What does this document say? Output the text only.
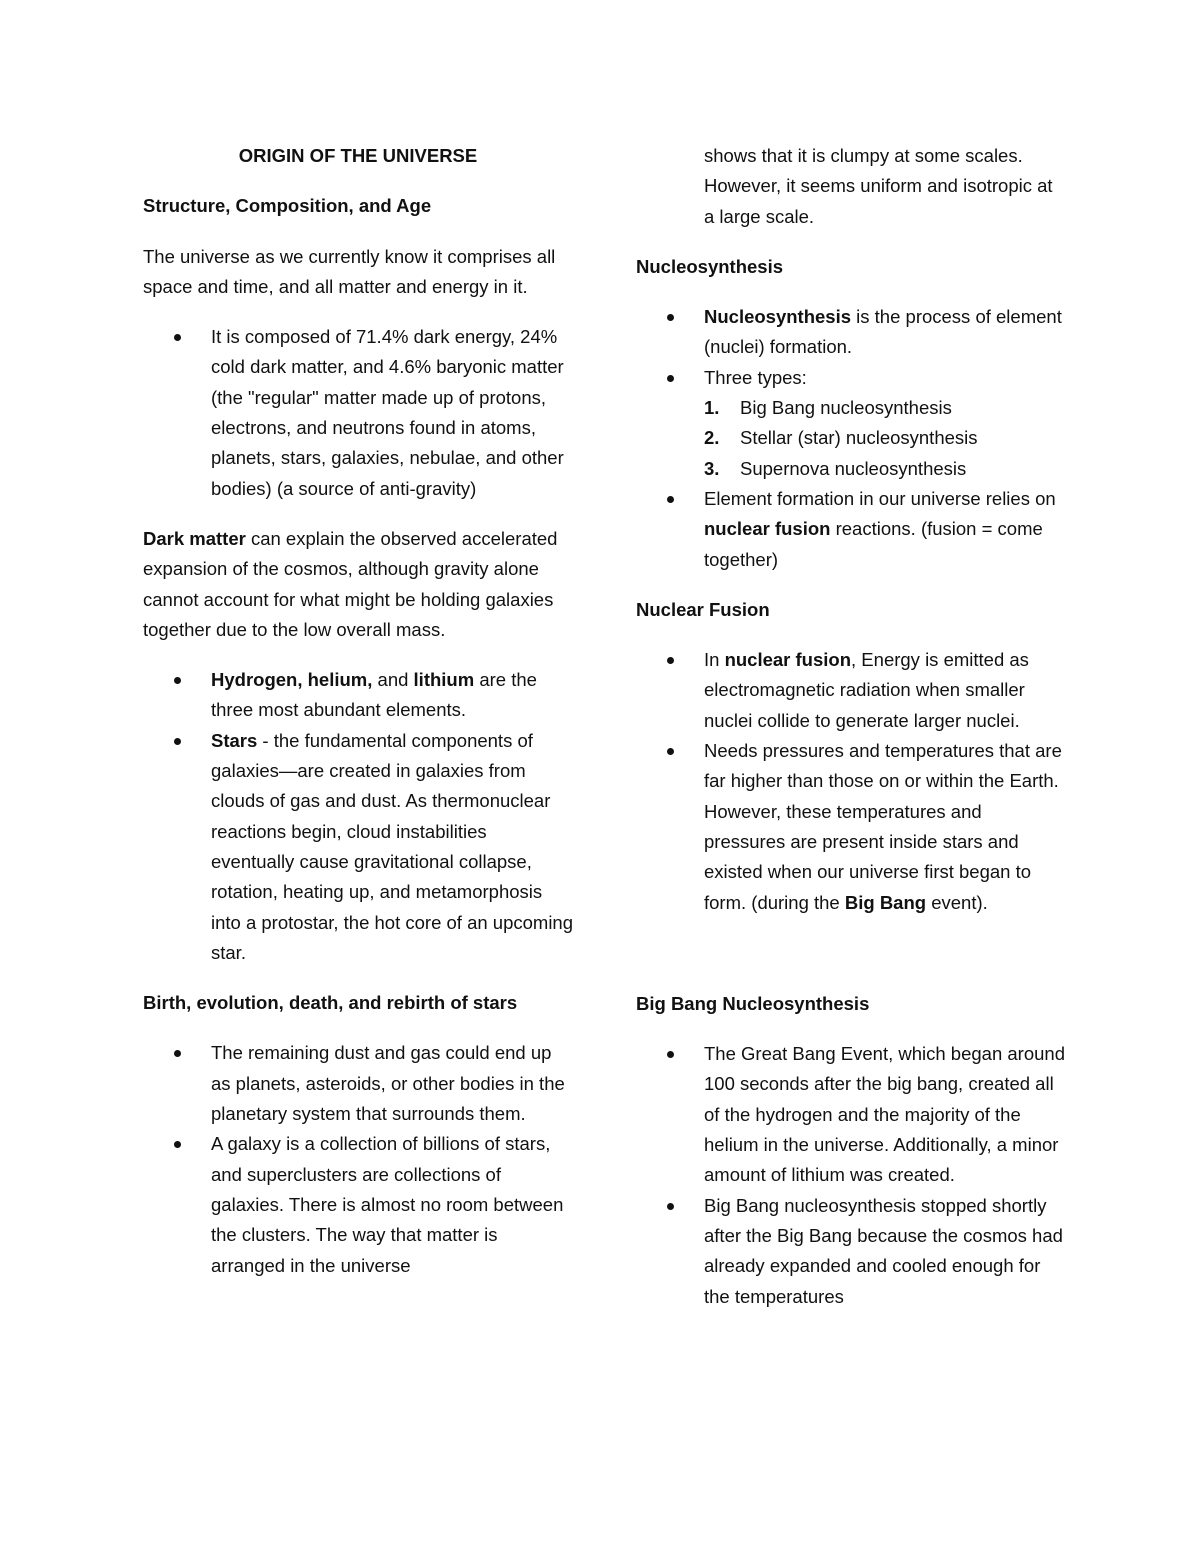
ORIGIN OF THE UNIVERSE
Structure, Composition, and Age

The universe as we currently know it comprises all space and time, and all matter and energy in it.

It is composed of 71.4% dark energy, 24% cold dark matter, and 4.6% baryonic matter (the "regular" matter made up of protons, electrons, and neutrons found in atoms, planets, stars, galaxies, nebulae, and other bodies) (a source of anti-gravity)

Dark matter can explain the observed accelerated expansion of the cosmos, although gravity alone cannot account for what might be holding galaxies together due to the low overall mass.

Hydrogen, helium, and lithium are the three most abundant elements.
Stars - the fundamental components of galaxies—are created in galaxies from clouds of gas and dust. As thermonuclear reactions begin, cloud instabilities eventually cause gravitational collapse, rotation, heating up, and metamorphosis into a protostar, the hot core of an upcoming star.
Birth, evolution, death, and rebirth of stars
The remaining dust and gas could end up as planets, asteroids, or other bodies in the planetary system that surrounds them.
A galaxy is a collection of billions of stars, and superclusters are collections of galaxies. There is almost no room between the clusters. The way that matter is arranged in the universe

shows that it is clumpy at some scales. However, it seems uniform and isotropic at a large scale.

Nucleosynthesis
Nucleosynthesis is the process of element (nuclei) formation.
Three types:
1. Big Bang nucleosynthesis
2. Stellar (star) nucleosynthesis
3. Supernova nucleosynthesis
Element formation in our universe relies on nuclear fusion reactions. (fusion = come together)
Nuclear Fusion
In nuclear fusion, Energy is emitted as electromagnetic radiation when smaller nuclei collide to generate larger nuclei.
Needs pressures and temperatures that are far higher than those on or within the Earth. However, these temperatures and pressures are present inside stars and existed when our universe first began to form. (during the Big Bang event).
Big Bang Nucleosynthesis
The Great Bang Event, which began around 100 seconds after the big bang, created all of the hydrogen and the majority of the helium in the universe. Additionally, a minor amount of lithium was created.
Big Bang nucleosynthesis stopped shortly after the Big Bang because the cosmos had already expanded and cooled enough for the temperatures
